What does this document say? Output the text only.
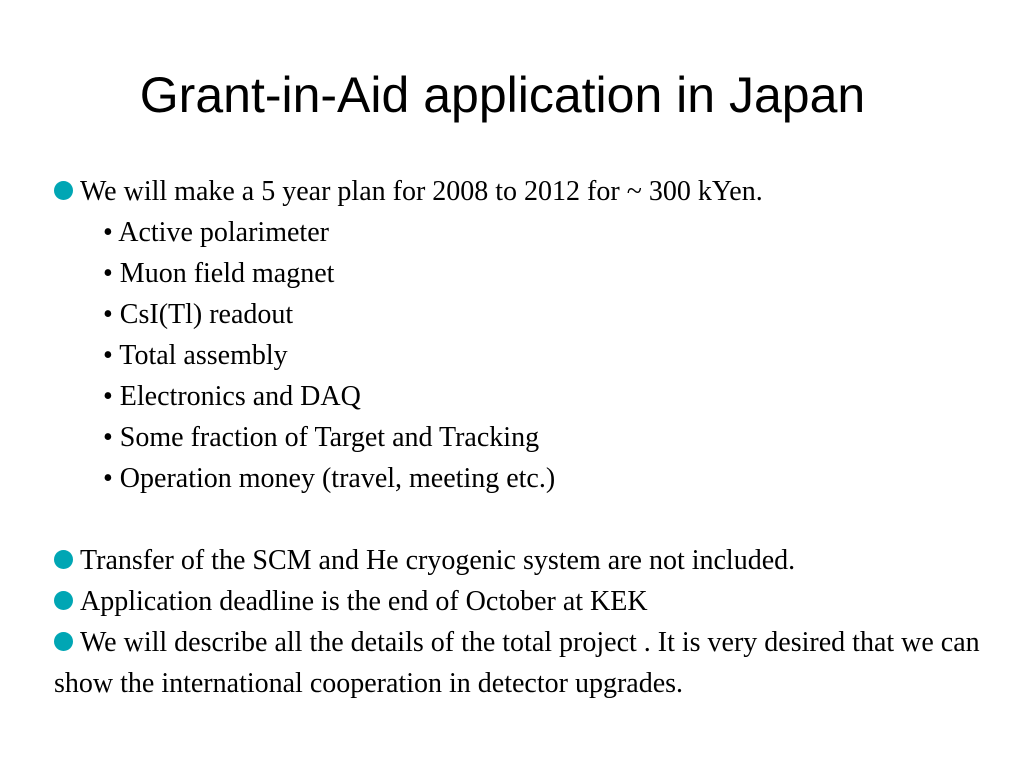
Grant-in-Aid application in Japan

We will make a 5 year plan for 2008 to 2012 for ~ 300 kYen.

• Active polarimeter

• Muon field magnet

• CsI(Tl) readout

• Total assembly

• Electronics and DAQ

• Some fraction of Target and Tracking

• Operation money (travel, meeting etc.)

Transfer of the SCM and He cryogenic system are not included.

Application deadline is the end of October at KEK

We will describe all the details of the total project . It is very desired that we can show the international cooperation in detector upgrades.
